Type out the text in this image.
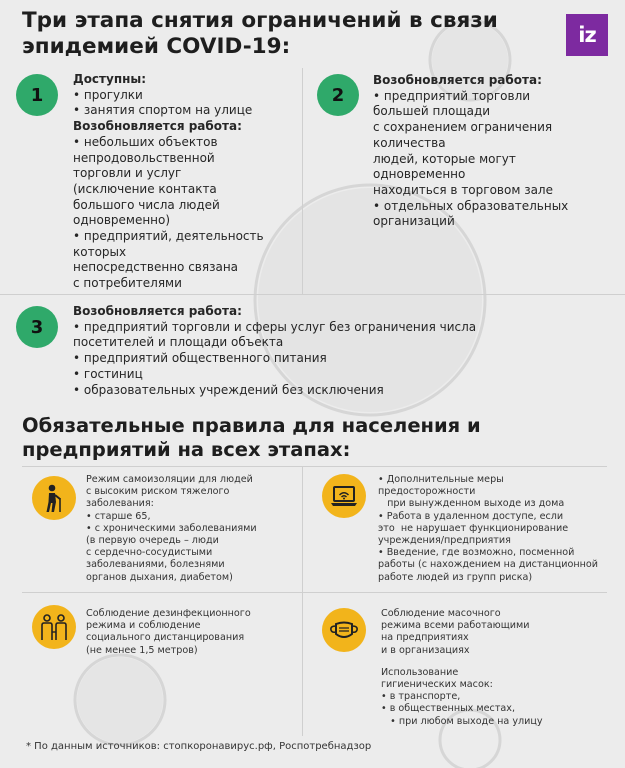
Три этапа снятия ограничений в связи эпидемией COVID-19:	iz
1
Доступны:
• прогулки
• занятия спортом на улице
Возобновляется работа:
• небольших объектов
непродовольственной
торговли и услуг
(исключение контакта
большого числа людей
одновременно)
• предприятий, деятельность
которых
непосредственно связана
с потребителями
2
Возобновляется работа:
• предприятий торговли
большей площади
с сохранением ограничения
количества
людей, которые могут
одновременно
находиться в торговом зале
• отдельных образовательных
организаций
3
Возобновляется работа:
• предприятий торговли и сферы услуг без ограничения числа
посетителей и площади объекта
• предприятий общественного питания
• гостиниц
• образовательных учреждений без исключения
Обязательные правила для населения и предприятий на всех этапах:
Режим самоизоляции для людей
с высоким риском тяжелого
заболевания:
• старше 65,
• с хроническими заболеваниями
(в первую очередь – люди
с сердечно-сосудистыми
заболеваниями, болезнями
органов дыхания, диабетом)
• Дополнительные меры
предосторожности
при вынужденном выходе из дома
• Работа в удаленном доступе, если
это  не нарушает функционирование
учреждения/предприятия
• Введение, где возможно, посменной
работы (с нахождением на дистанционной
работе людей из групп риска)
Соблюдение дезинфекционного
режима и соблюдение
социального дистанцирования
(не менее 1,5 метров)
Соблюдение масочного
режима всеми работающими
на предприятиях
и в организациях
Использование
гигиенических масок:
• в транспорте,
• в общественных местах,
• при любом выходе на улицу
* По данным источников: стопкоронавирус.рф, Роспотребнадзор
